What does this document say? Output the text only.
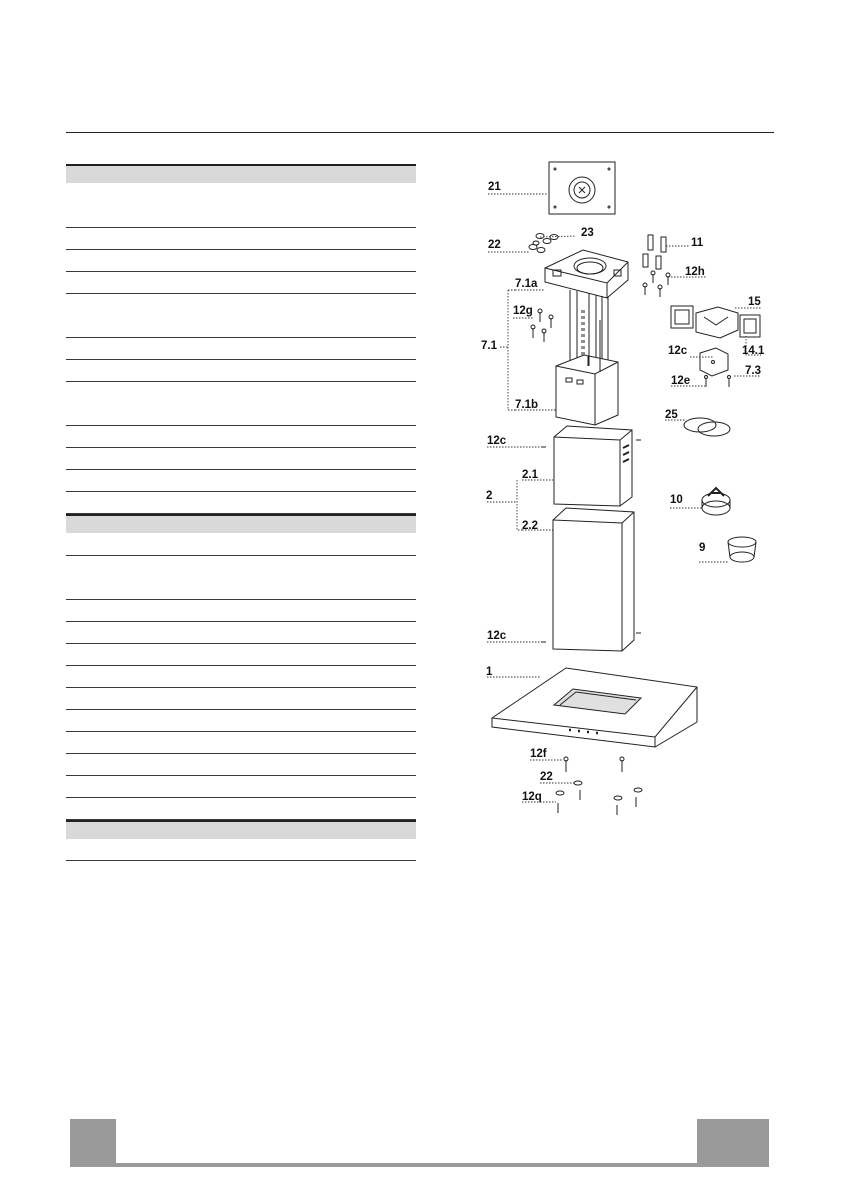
21
23
22	11
12h
7.1a
12g
15
7.1	12c	14.1
7.3
12e
7.1b
25
12c
2.1
2	10
2.2
9
12c
1
12f
22
12q
